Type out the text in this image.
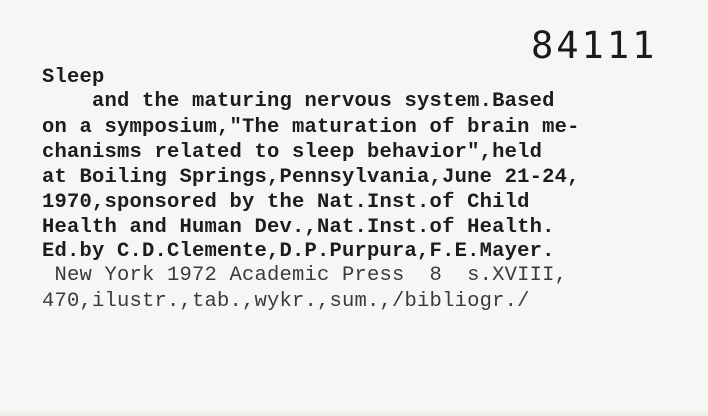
84111
Sleep
and the maturing nervous system.Based
on a symposium,"The maturation of brain me-
chanisms related to sleep behavior",held
at Boiling Springs,Pennsylvania,June 21-24,
1970,sponsored by the Nat.Inst.of Child
Health and Human Dev.,Nat.Inst.of Health.
Ed.by C.D.Clemente,D.P.Purpura,F.E.Mayer.
New York 1972 Academic Press  8  s.XVIII,
470,ilustr.,tab.,wykr.,sum.,/bibliogr./
